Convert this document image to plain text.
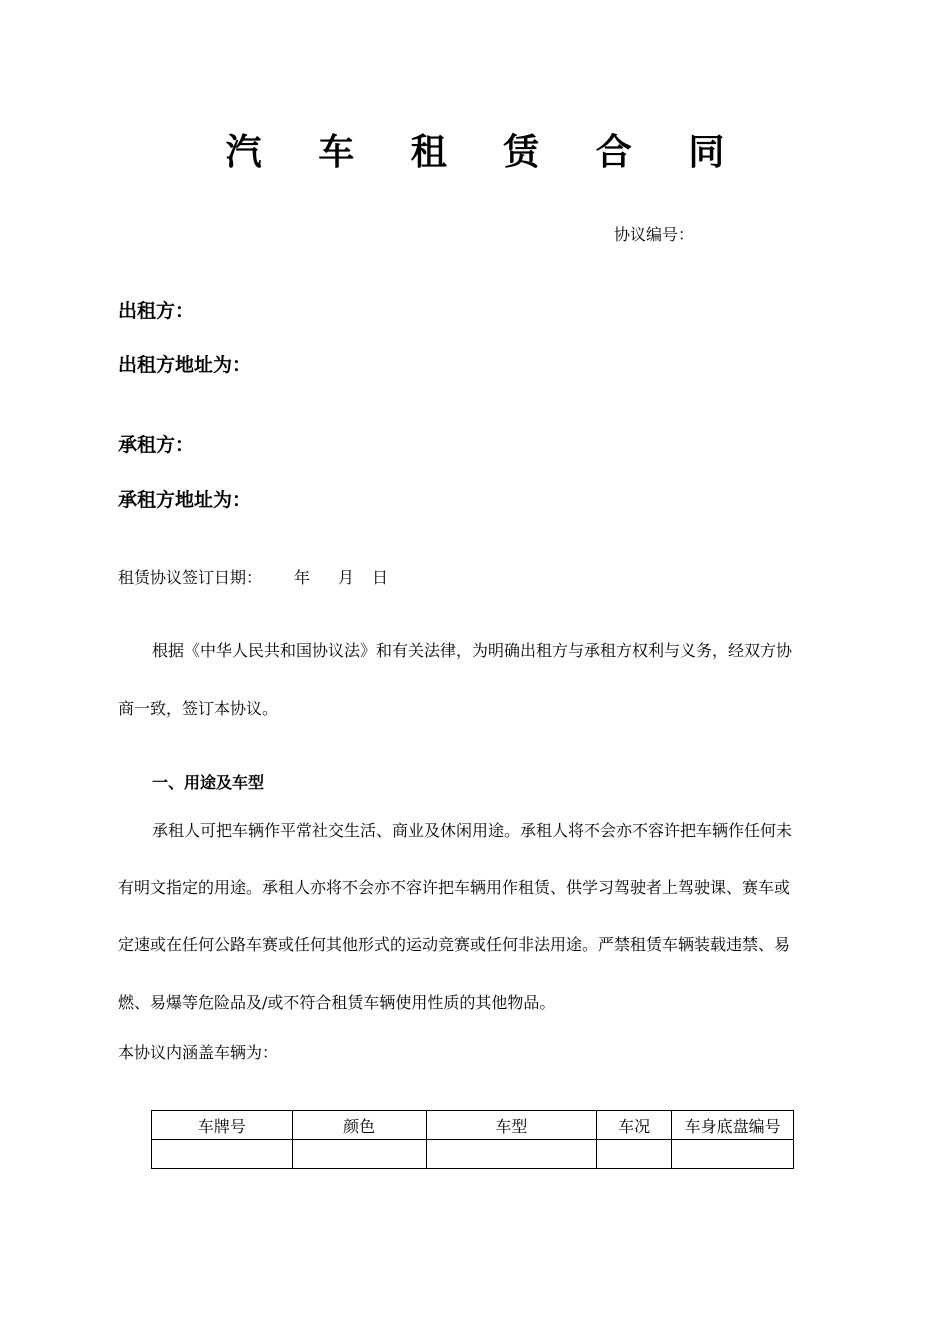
汽 车 租 赁 合 同
协议编号：
出租方：
出租方地址为：
承租方：
承租方地址为：
租赁协议签订日期： 年 月 日
根据《中华人民共和国协议法》和有关法律，为明确出租方与承租方权利与义务，经双方协
商一致，签订本协议。
一、用途及车型
承租人可把车辆作平常社交生活、商业及休闲用途。承租人将不会亦不容许把车辆作任何未
有明文指定的用途。承租人亦将不会亦不容许把车辆用作租赁、供学习驾驶者上驾驶课、赛车或
定速或在任何公路车赛或任何其他形式的运动竞赛或任何非法用途。严禁租赁车辆装载违禁、易
燃、易爆等危险品及/或不符合租赁车辆使用性质的其他物品。
本协议内涵盖车辆为：
车牌号	颜色	车型	车况	车身底盘编号
